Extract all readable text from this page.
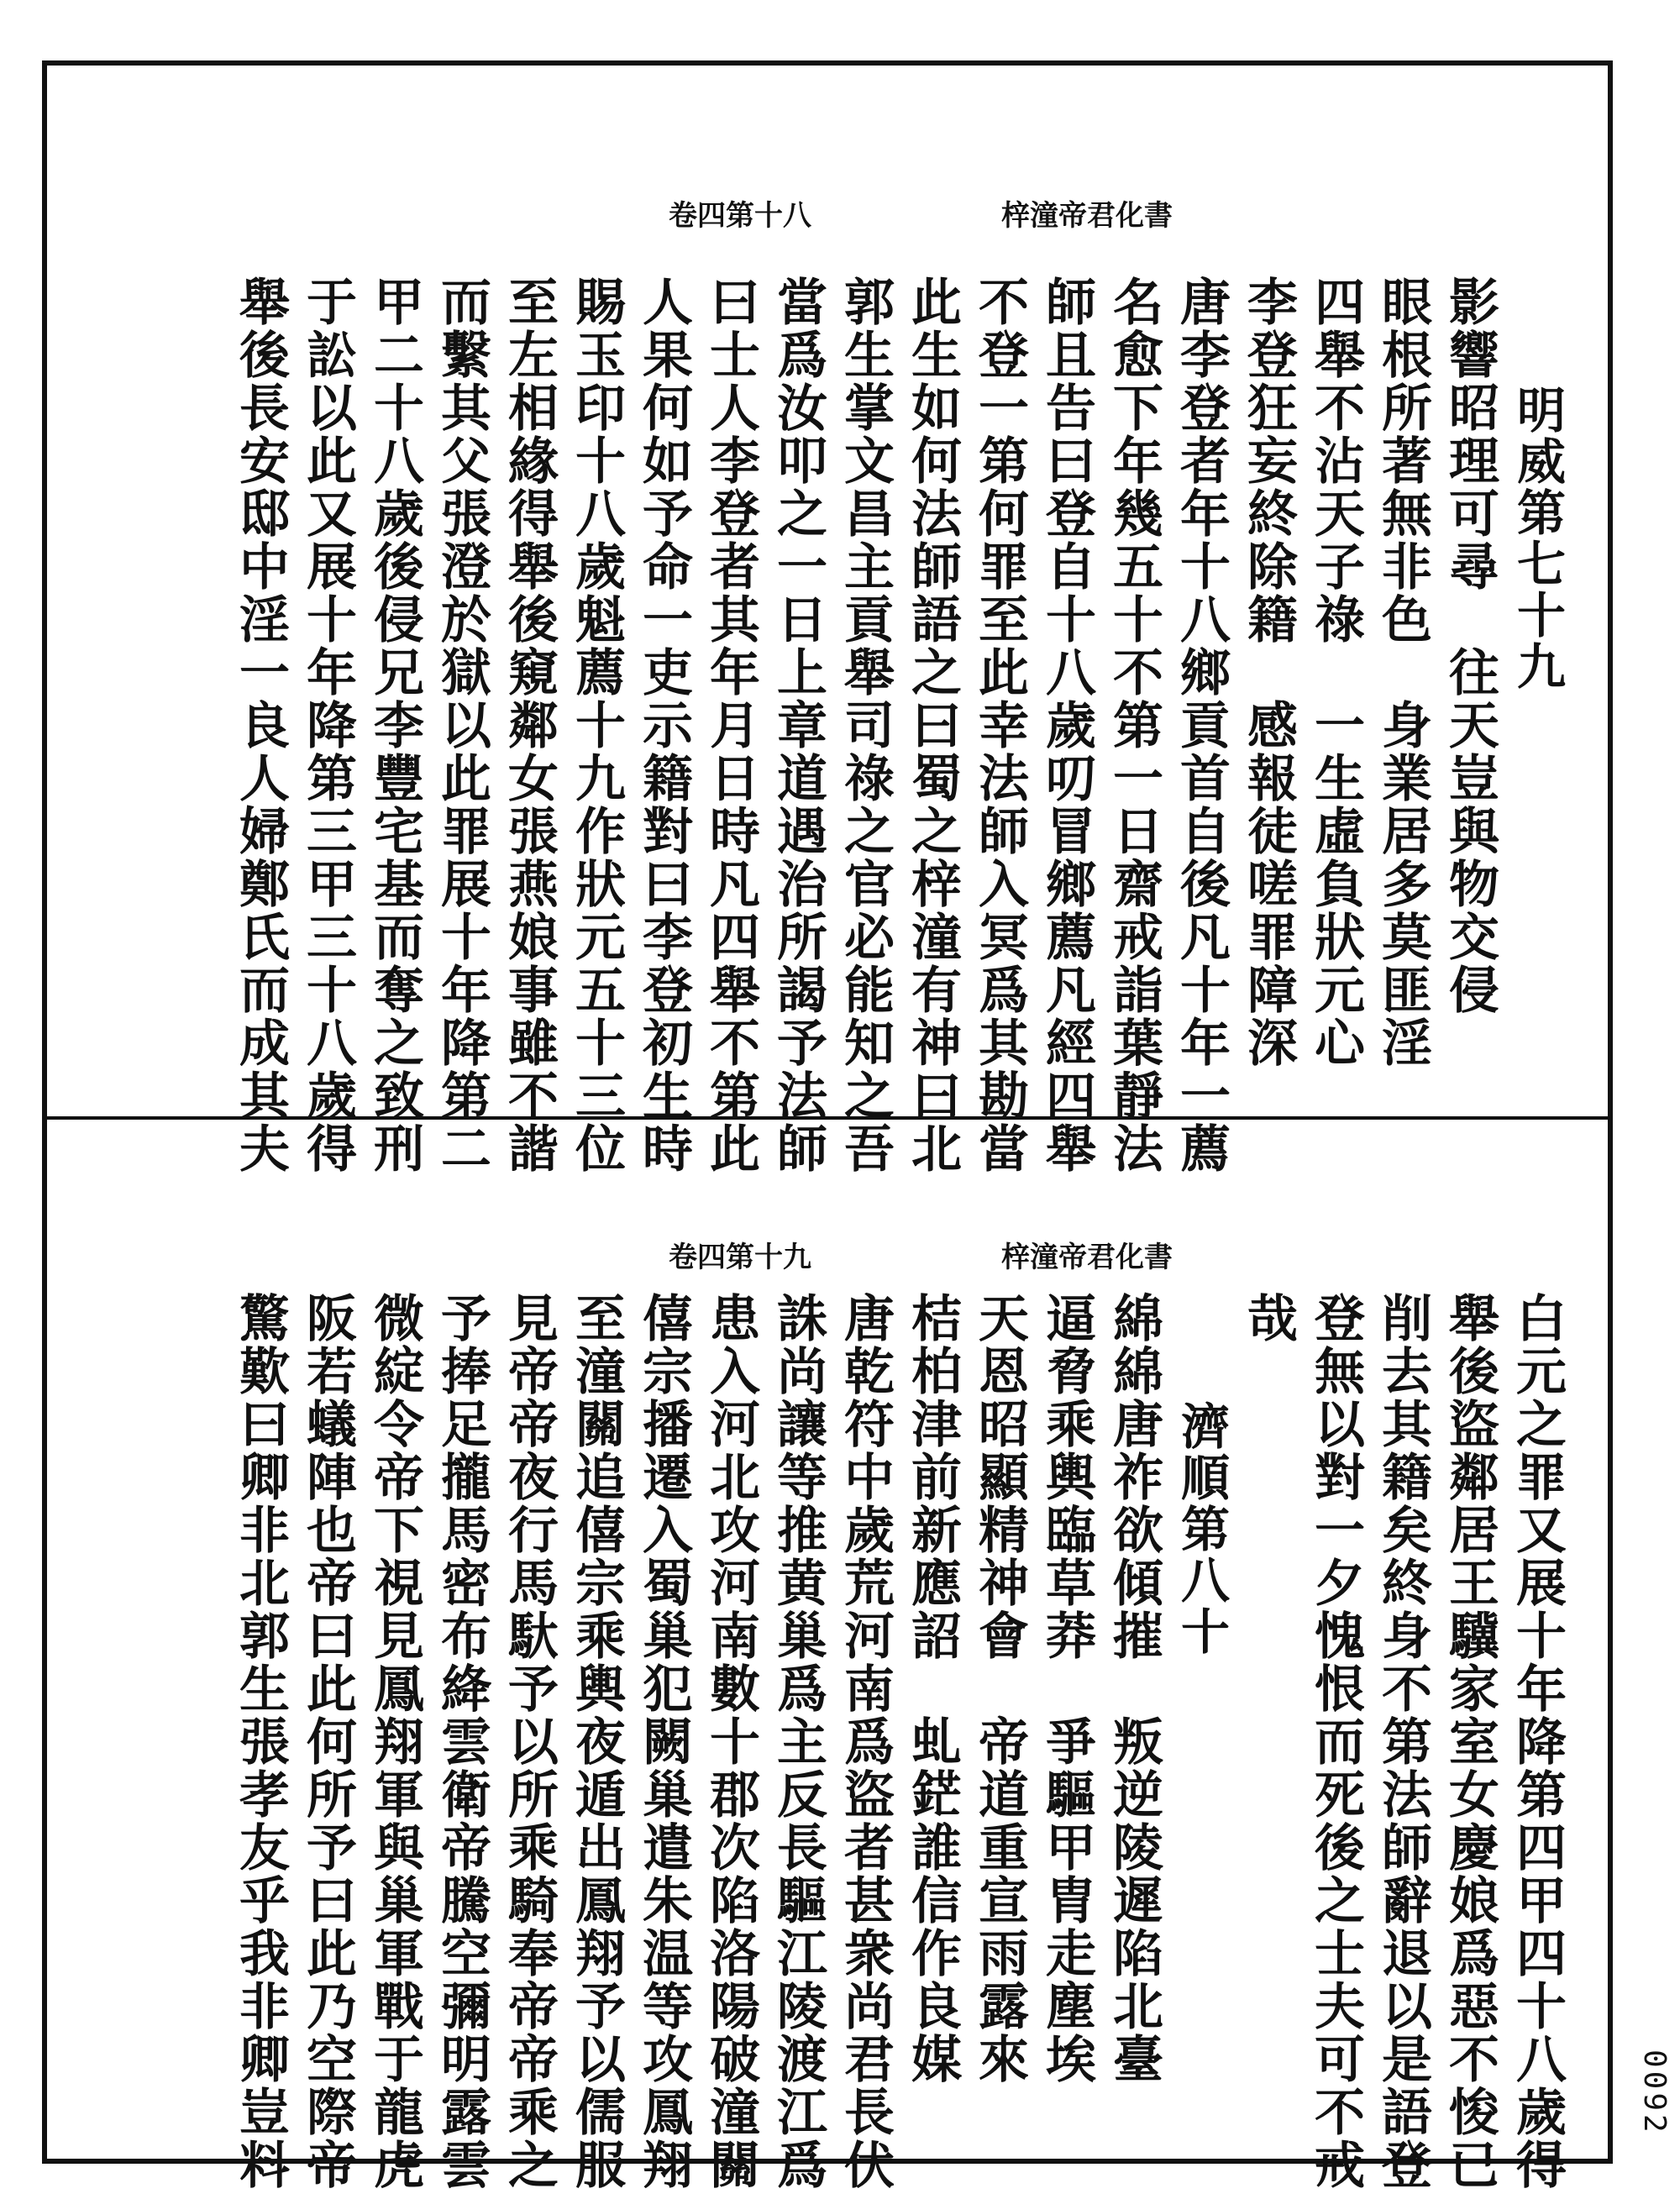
卷四第十八	梓潼帝君化書
明威第七十九
影響昭理可尋　往天豈與物交侵
眼根所著無非色　身業居多莫匪淫
四舉不沾天子祿　一生虛負狀元心
李登狂妄終除籍　感報徒嗟罪障深
唐李登者年十八鄉貢首自後凡十年一薦
名愈下年幾五十不第一日齋戒詣葉靜法
師且告曰登自十八歲叨冒鄉薦凡經四舉
不登一第何罪至此幸法師入冥爲其勘當
此生如何法師語之曰蜀之梓潼有神曰北
郭生掌文昌主貢舉司祿之官必能知之吾
當爲汝叩之一日上章道遇治所謁予法師
曰士人李登者其年月日時凡四舉不第此
人果何如予命一吏示籍對曰李登初生時
賜玉印十八歲魁薦十九作狀元五十三位
至左相緣得舉後窺鄰女張燕娘事雖不諧
而繫其父張澄於獄以此罪展十年降第二
甲二十八歲後侵兄李豐宅基而奪之致刑
于訟以此又展十年降第三甲三十八歲得
舉後長安邸中淫一良人婦鄭氏而成其夫
卷四第十九	梓潼帝君化書
白元之罪又展十年降第四甲四十八歲得
舉後盜鄰居王驥家室女慶娘爲惡不悛已
削去其籍矣終身不第法師辭退以是語登
登無以對一夕愧恨而死後之士夫可不戒
哉
濟順第八十
綿綿唐祚欲傾摧　叛逆陵遲陷北臺
逼脅乘輿臨草莽　爭驅甲胄走塵埃
天恩昭顯精神會　帝道重宣雨露來
桔柏津前新應詔　虬鋩誰信作良媒
唐乾符中歲荒河南爲盜者甚衆尚君長伏
誅尚讓等推黄巢爲主反長驅江陵渡江爲
患入河北攻河南數十郡次陷洛陽破潼關
僖宗播遷入蜀巢犯闕巢遣朱温等攻鳳翔
至潼關追僖宗乘輿夜遁出鳳翔予以儒服
見帝帝夜行馬馱予以所乘騎奉帝帝乘之
予捧足攏馬密布絳雲衛帝騰空彌明露雲
微綻令帝下視見鳳翔軍與巢軍戰于龍虎
阪若蟻陣也帝曰此何所予曰此乃空際帝
驚歎曰卿非北郭生張孝友乎我非卿豈料	0092
